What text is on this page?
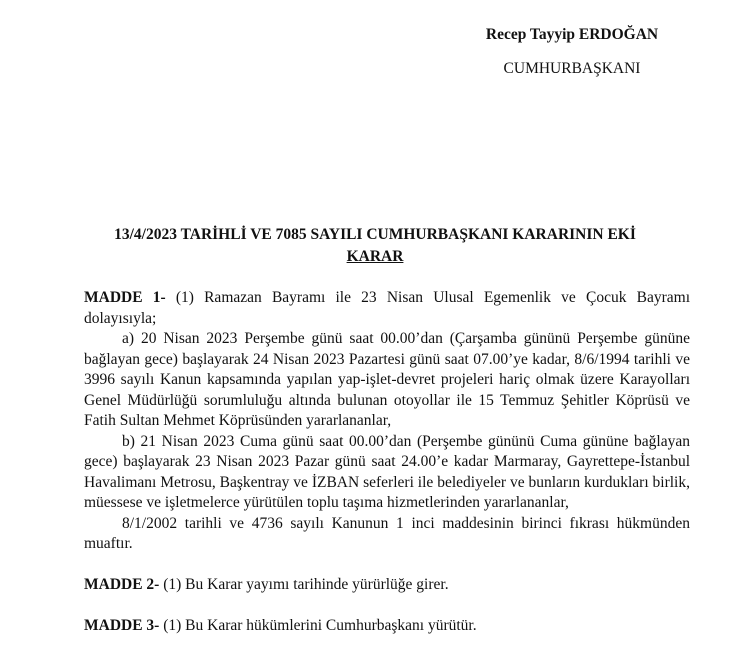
Recep Tayyip ERDOĞAN
CUMHURBAŞKANI
13/4/2023 TARİHLİ VE 7085 SAYILI CUMHURBAŞKANI KARARININ EKİ
KARAR

MADDE 1- (1) Ramazan Bayramı ile 23 Nisan Ulusal Egemenlik ve Çocuk Bayramı dolayısıyla;

a) 20 Nisan 2023 Perşembe günü saat 00.00’dan (Çarşamba gününü Perşembe gününe bağlayan gece) başlayarak 24 Nisan 2023 Pazartesi günü saat 07.00’ye kadar, 8/6/1994 tarihli ve 3996 sayılı Kanun kapsamında yapılan yap-işlet-devret projeleri hariç olmak üzere Karayolları Genel Müdürlüğü sorumluluğu altında bulunan otoyollar ile 15 Temmuz Şehitler Köprüsü ve Fatih Sultan Mehmet Köprüsünden yararlananlar,

b) 21 Nisan 2023 Cuma günü saat 00.00’dan (Perşembe gününü Cuma gününe bağlayan gece) başlayarak 23 Nisan 2023 Pazar günü saat 24.00’e kadar Marmaray, Gayrettepe-İstanbul Havalimanı Metrosu, Başkentray ve İZBAN seferleri ile belediyeler ve bunların kurdukları birlik, müessese ve işletmelerce yürütülen toplu taşıma hizmetlerinden yararlananlar,

8/1/2002 tarihli ve 4736 sayılı Kanunun 1 inci maddesinin birinci fıkrası hükmünden muaftır.

MADDE 2- (1) Bu Karar yayımı tarihinde yürürlüğe girer.

MADDE 3- (1) Bu Karar hükümlerini Cumhurbaşkanı yürütür.
